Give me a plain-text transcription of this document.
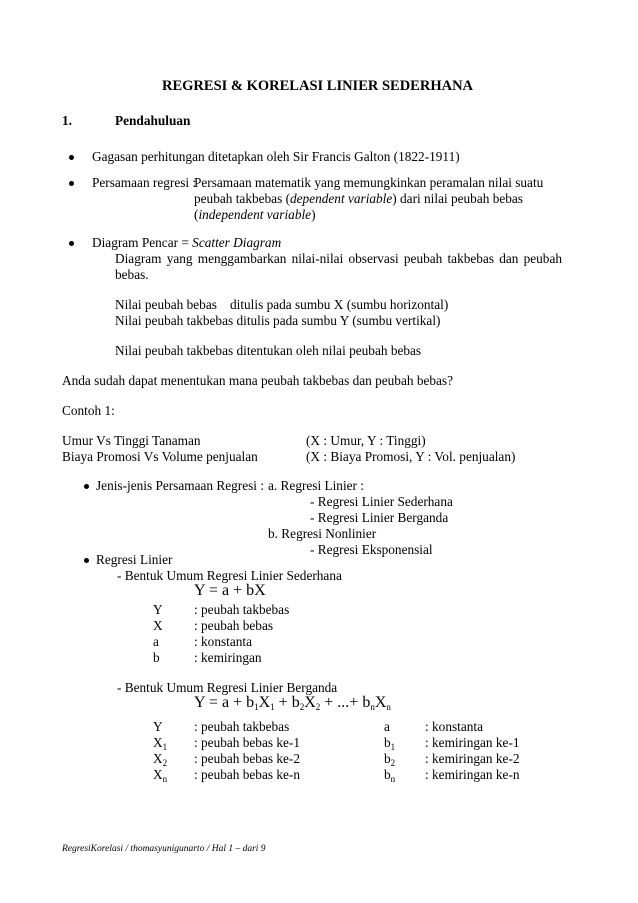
REGRESI & KORELASI LINIER SEDERHANA
1.	Pendahuluan
Gagasan perhitungan ditetapkan oleh Sir Francis Galton (1822-1911)
Persamaan regresi :
Persamaan matematik yang memungkinkan peramalan nilai suatu
peubah takbebas (dependent variable) dari nilai peubah bebas
(independent variable)
Diagram Pencar = Scatter Diagram
Diagram yang menggambarkan nilai-nilai observasi peubah takbebas dan peubah
bebas.
Nilai peubah bebas ditulis pada sumbu X (sumbu horizontal)
Nilai peubah takbebas ditulis pada sumbu Y (sumbu vertikal)
Nilai peubah takbebas ditentukan oleh nilai peubah bebas
Anda sudah dapat menentukan mana peubah takbebas dan peubah bebas?
Contoh 1:
Umur Vs Tinggi Tanaman	(X : Umur, Y : Tinggi)
Biaya Promosi Vs Volume penjualan	(X : Biaya Promosi, Y : Vol. penjualan)
Jenis-jenis Persamaan Regresi : a. Regresi Linier :
- Regresi Linier Sederhana
- Regresi Linier Berganda
b. Regresi Nonlinier
- Regresi Eksponensial
Regresi Linier
- Bentuk Umum Regresi Linier Sederhana
Y = a + bX
Y : peubah takbebas
X : peubah bebas
a	: konstanta
b	: kemiringan
- Bentuk Umum Regresi Linier Berganda
$Y = a + b_1X_1 + b_2X_2$ + ...+ $b_nX_n$
Y : peubah takbebas	a	: konstanta
$X_1$ : peubah bebas ke-1	$b_1$ : kemiringan ke-1
$X_2$ : peubah bebas ke-2	$b_2$ : kemiringan ke-2
$X_n$ : peubah bebas ke-n	$b_n$ : kemiringan ke-n
RegresiKorelasi / thomasyunigunarto / Hal 1 – dari 9
